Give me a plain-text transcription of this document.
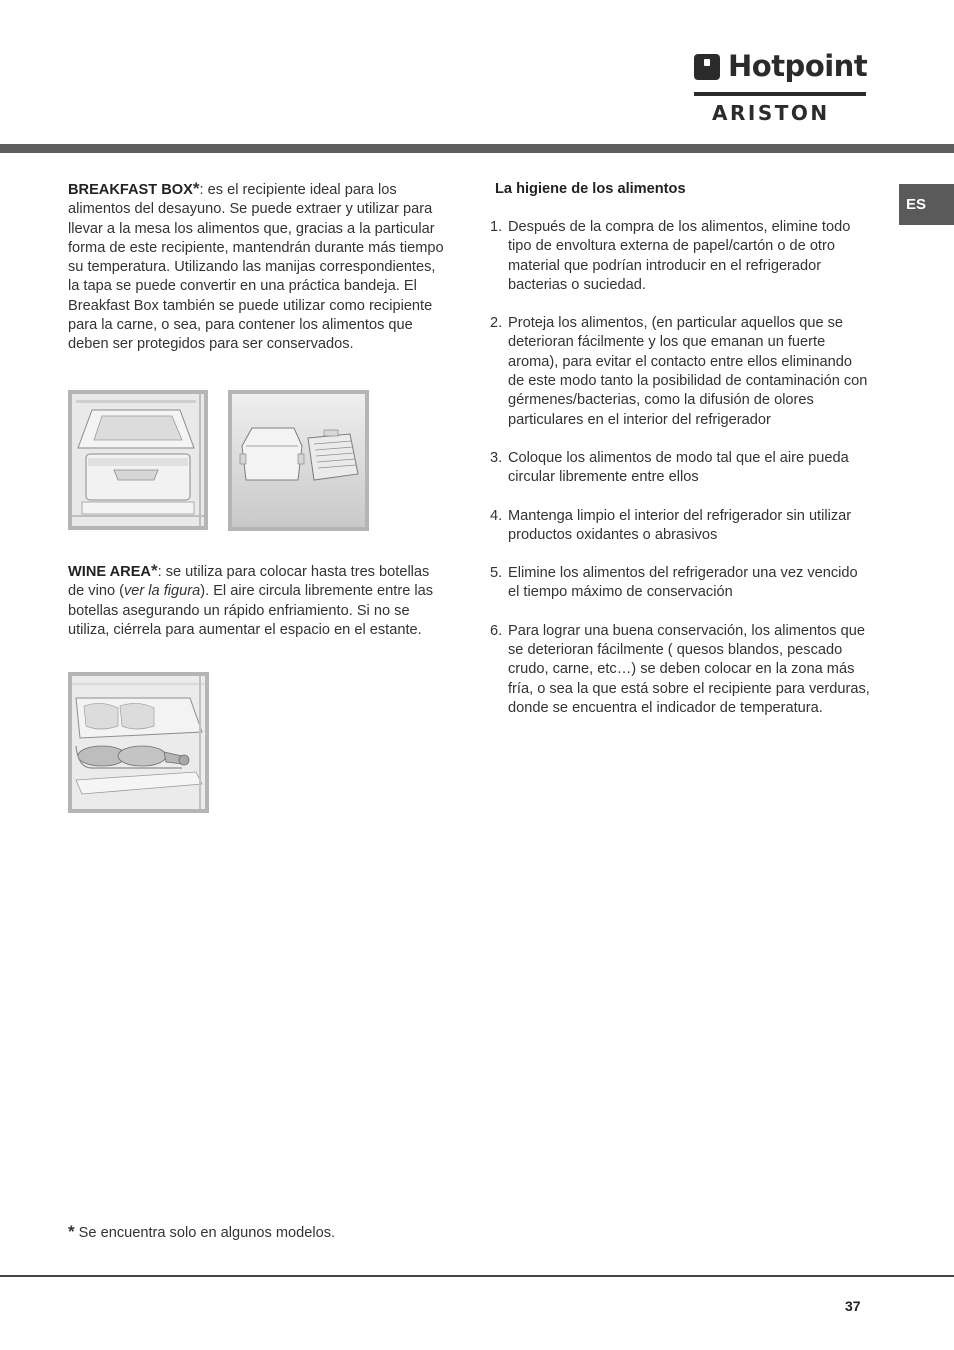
Hotpoint
ARISTON
ES

BREAKFAST BOX*: es el recipiente ideal para los alimentos del desayuno. Se puede extraer y utilizar para llevar a la mesa los alimentos que, gracias a la particular forma de este recipiente, mantendrán durante más tiempo su temperatura. Utilizando las manijas correspondientes, la tapa se puede convertir en una práctica bandeja. El Breakfast Box también se puede utilizar como recipiente para la carne, o sea, para contener los alimentos que deben ser protegidos para ser conservados.

WINE AREA*: se utiliza para colocar hasta tres botellas de vino (ver la figura). El aire circula libremente entre las botellas asegurando un rápido enfriamiento. Si no se utiliza, ciérrela para aumentar el espacio en el estante.

La higiene de los alimentos

1. Después de la compra de los alimentos, elimine todo tipo de envoltura externa de papel/cartón o de otro material que podrían introducir en el refrigerador bacterias o suciedad.
2. Proteja los alimentos, (en particular aquellos que se deterioran fácilmente y los que emanan un fuerte aroma), para evitar el contacto entre ellos eliminando de este modo tanto la posibilidad de contaminación con gérmenes/bacterias, como la difusión de olores particulares en el interior del refrigerador
3. Coloque los alimentos de modo tal que el aire pueda circular libremente entre ellos
4. Mantenga limpio el interior del refrigerador sin utilizar productos oxidantes o abrasivos
5. Elimine los alimentos del refrigerador una vez vencido el tiempo máximo de conservación
6. Para lograr una buena conservación, los alimentos que se deterioran fácilmente ( quesos blandos, pescado crudo, carne, etc…) se deben colocar en la zona más fría, o sea la que está sobre el recipiente para verduras, donde se encuentra el indicador de temperatura.
* Se encuentra solo en algunos modelos.
37
